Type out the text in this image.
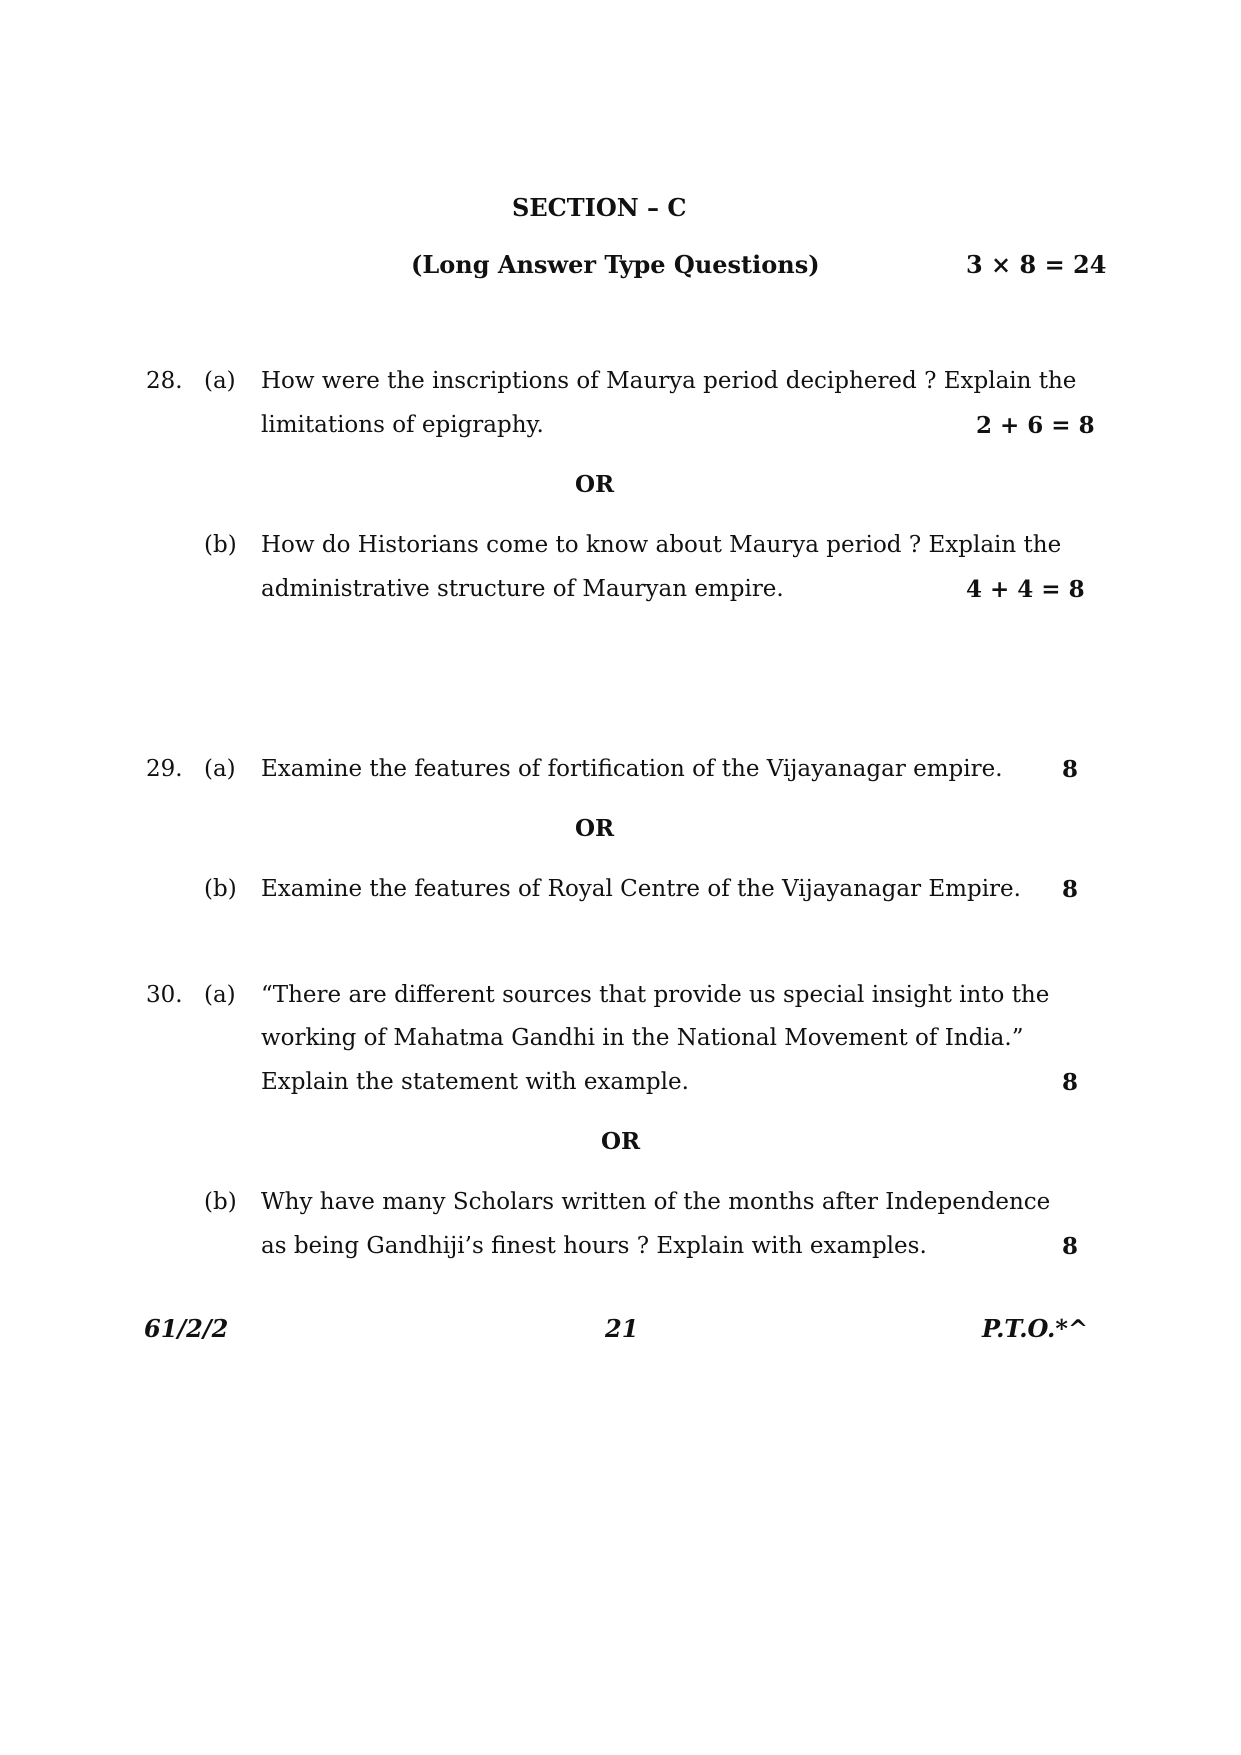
SECTION – C
(Long Answer Type Questions)	3 × 8 = 24
28. (a) How were the inscriptions of Maurya period deciphered ? Explain the
limitations of epigraphy.	2 + 6 = 8
OR
(b) How do Historians come to know about Maurya period ? Explain the
administrative structure of Mauryan empire.	4 + 4 = 8
29. (a) Examine the features of fortification of the Vijayanagar empire.	8
OR
(b) Examine the features of Royal Centre of the Vijayanagar Empire. 8
30. (a) “There are different sources that provide us special insight into the
working of Mahatma Gandhi in the National Movement of India.”
Explain the statement with example.	8
OR
(b) Why have many Scholars written of the months after Independence
as being Gandhiji’s finest hours ? Explain with examples.	8
61/2/2	21	P.T.O.*^
